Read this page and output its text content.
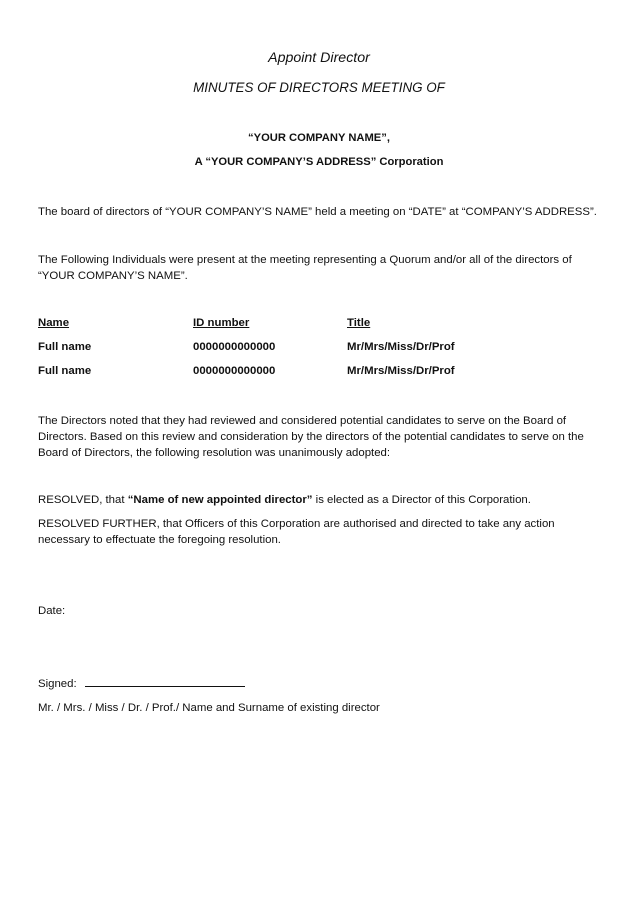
Appoint Director
MINUTES OF DIRECTORS MEETING OF
“YOUR COMPANY NAME”,
A “YOUR COMPANY’S ADDRESS” Corporation
The board of directors of “YOUR COMPANY’S NAME” held a meeting on “DATE” at “COMPANY’S ADDRESS”.
The Following Individuals were present at the meeting representing a Quorum and/or all of the directors of “YOUR COMPANY’S NAME”.
Name	ID number	Title
Full name	0000000000000	Mr/Mrs/Miss/Dr/Prof
Full name	0000000000000	Mr/Mrs/Miss/Dr/Prof
The Directors noted that they had reviewed and considered potential candidates to serve on the Board of Directors. Based on this review and consideration by the directors of the potential candidates to serve on the Board of Directors, the following resolution was unanimously adopted:
RESOLVED, that “Name of new appointed director” is elected as a Director of this Corporation.
RESOLVED FURTHER, that Officers of this Corporation are authorised and directed to take any action necessary to effectuate the foregoing resolution.
Date:
Signed:
Mr. / Mrs. / Miss / Dr. / Prof./ Name and Surname of existing director
